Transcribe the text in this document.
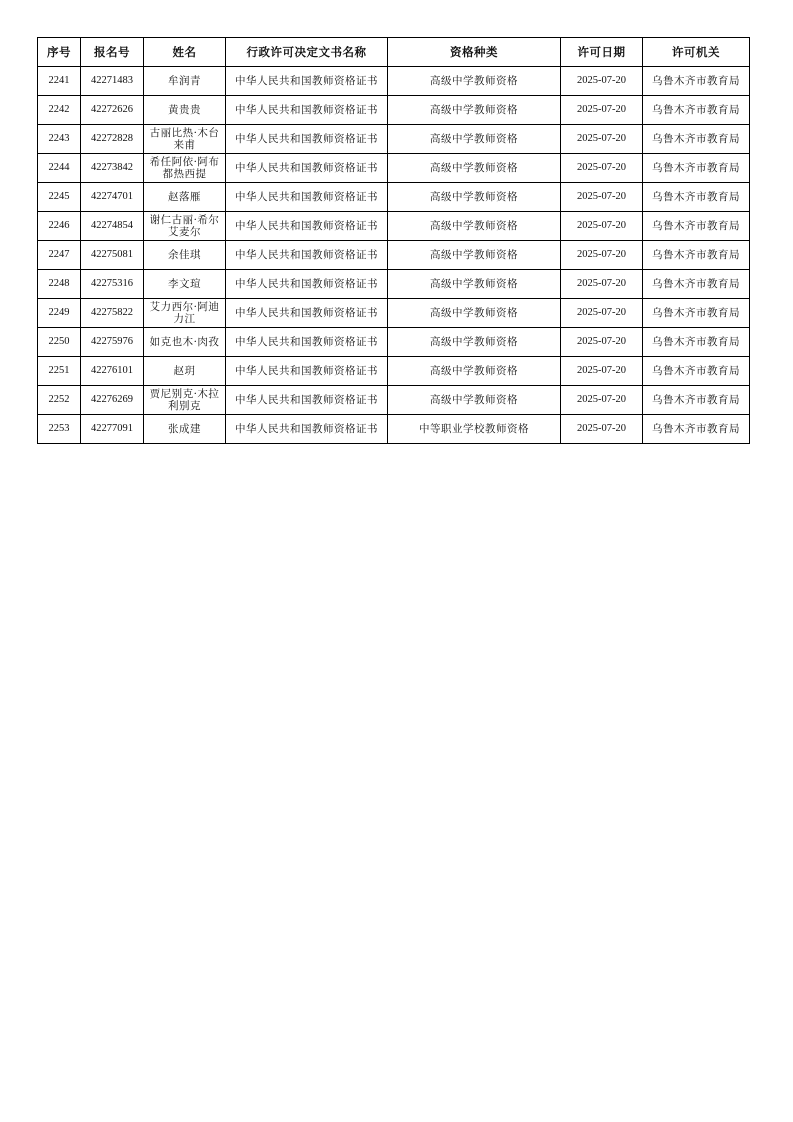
序号	报名号	姓名	行政许可决定文书名称	资格种类	许可日期	许可机关
2241	42271483	牟润青	中华人民共和国教师资格证书	高级中学教师资格	2025-07-20	乌鲁木齐市教育局
2242	42272626	黄贵贵	中华人民共和国教师资格证书	高级中学教师资格	2025-07-20	乌鲁木齐市教育局
2243	42272828	古丽比热·木台来甫	中华人民共和国教师资格证书	高级中学教师资格	2025-07-20	乌鲁木齐市教育局
2244	42273842	希任阿依·阿布都热西提	中华人民共和国教师资格证书	高级中学教师资格	2025-07-20	乌鲁木齐市教育局
2245	42274701	赵落雁	中华人民共和国教师资格证书	高级中学教师资格	2025-07-20	乌鲁木齐市教育局
2246	42274854	谢仁古丽·希尔艾麦尔	中华人民共和国教师资格证书	高级中学教师资格	2025-07-20	乌鲁木齐市教育局
2247	42275081	余佳琪	中华人民共和国教师资格证书	高级中学教师资格	2025-07-20	乌鲁木齐市教育局
2248	42275316	李文瑄	中华人民共和国教师资格证书	高级中学教师资格	2025-07-20	乌鲁木齐市教育局
2249	42275822	艾力西尔·阿迪力江	中华人民共和国教师资格证书	高级中学教师资格	2025-07-20	乌鲁木齐市教育局
2250	42275976	如克也木·肉孜	中华人民共和国教师资格证书	高级中学教师资格	2025-07-20	乌鲁木齐市教育局
2251	42276101	赵玥	中华人民共和国教师资格证书	高级中学教师资格	2025-07-20	乌鲁木齐市教育局
2252	42276269	贾尼别克·木拉利别克	中华人民共和国教师资格证书	高级中学教师资格	2025-07-20	乌鲁木齐市教育局
2253	42277091	张成建	中华人民共和国教师资格证书	中等职业学校教师资格	2025-07-20	乌鲁木齐市教育局
